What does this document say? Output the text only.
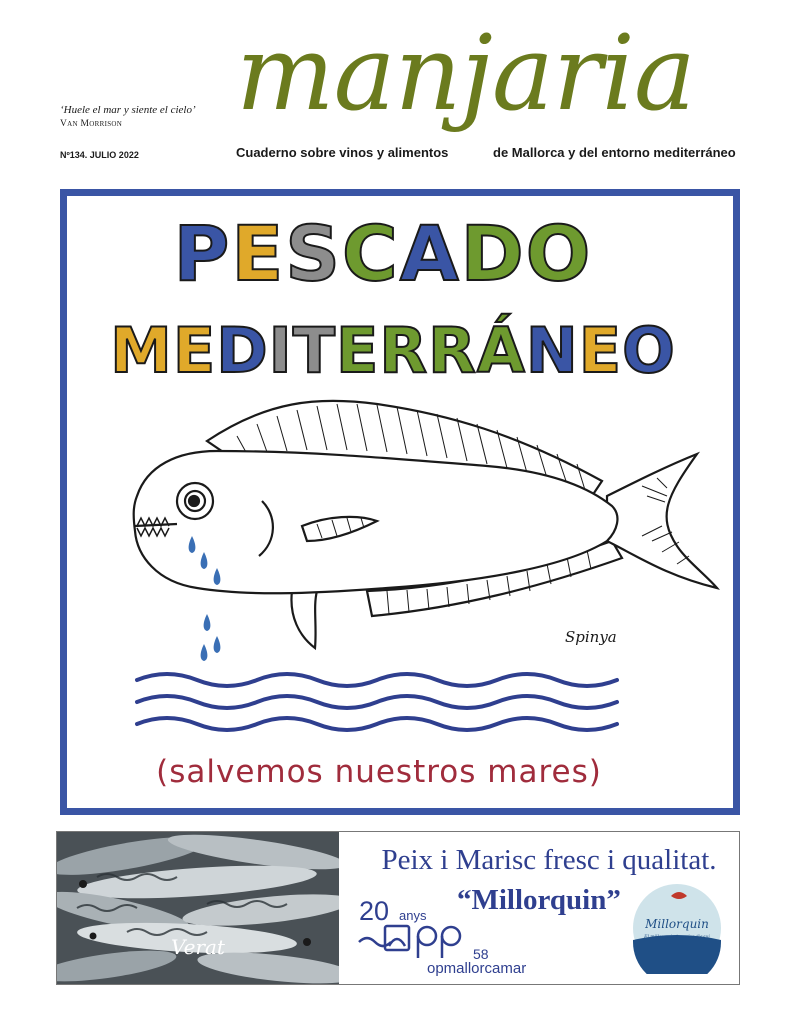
manjaria
‘Huele el mar y siente el cielo’
Van Morrison
Nº134. JULIO 2022	Cuaderno sobre vinos y alimentos	de Mallorca y del entorno mediterráneo
PESCADO
MEDITERRÁNEO
Spinya
(salvemos nuestros mares)
Verat
Peix i Marisc fresc i qualitat.
“Millorquin”
20 anys
58
opmallorcamar
Millorquin
El millor peix i marisc d'aqui
